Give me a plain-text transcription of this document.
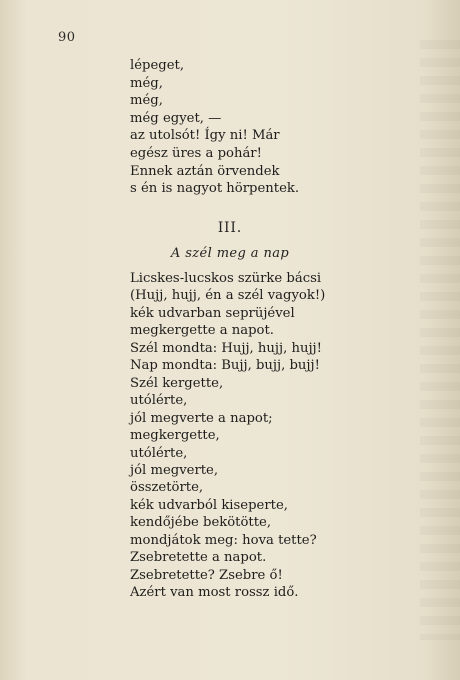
90
lépeget,
még,
még,
még egyet, —
az utolsót! Így ni! Már
egész üres a pohár!
Ennek aztán örvendek
s én is nagyot hörpentek.
III.
A szél meg a nap
Licskes-lucskos szürke bácsi
(Hujj, hujj, én a szél vagyok!)
kék udvarban seprüjével
megkergette a napot.
Szél mondta: Hujj, hujj, hujj!
Nap mondta: Bujj, bujj, bujj!
Szél kergette,
utólérte,
jól megverte a napot;
megkergette,
utólérte,
jól megverte,
összetörte,
kék udvarból kiseperte,
kendőjébe bekötötte,
mondjátok meg: hova tette?
Zsebretette a napot.
Zsebretette? Zsebre ő!
Azért van most rossz idő.
